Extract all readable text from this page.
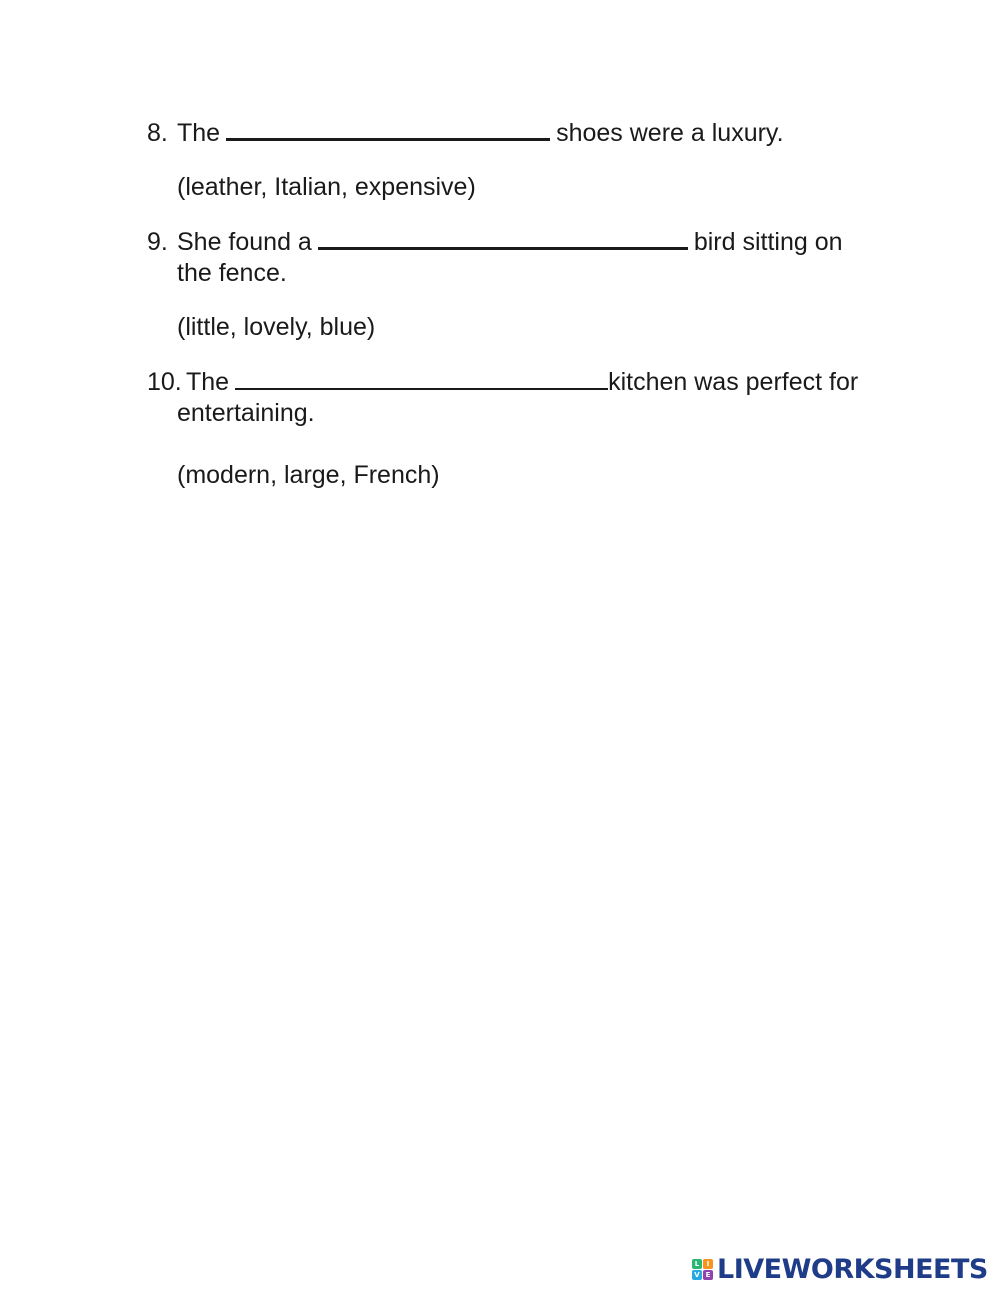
8. The	shoes were a luxury.
(leather, Italian, expensive)
9. She found a	bird sitting on
the fence.
(little, lovely, blue)
10. The	kitchen was perfect for
entertaining.
(modern, large, French)
L	I
V E LIVEWORKSHEETS
